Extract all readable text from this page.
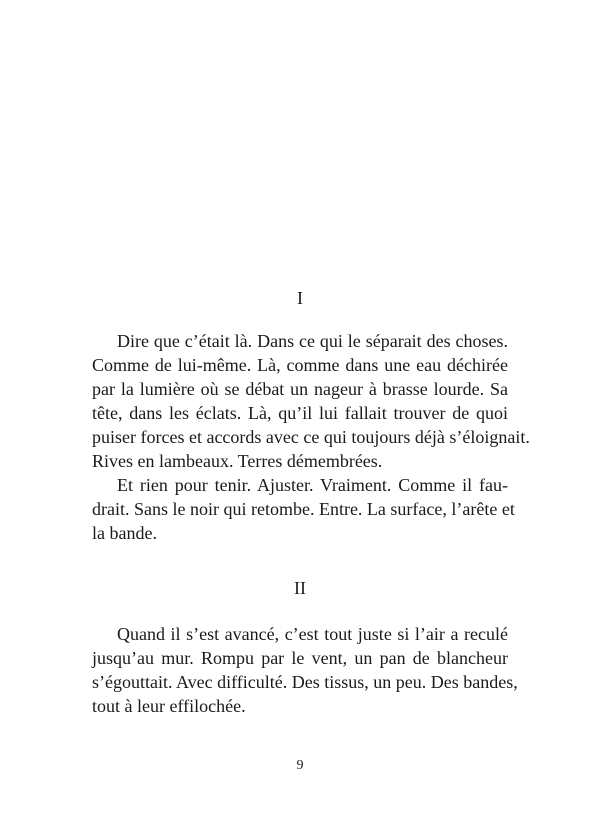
I
Dire que c’était là. Dans ce qui le séparait des choses.
Comme de lui-même. Là, comme dans une eau déchirée
par la lumière où se débat un nageur à brasse lourde. Sa
tête, dans les éclats. Là, qu’il lui fallait trouver de quoi
puiser forces et accords avec ce qui toujours déjà s’éloignait.
Rives en lambeaux. Terres démembrées.
Et rien pour tenir. Ajuster. Vraiment. Comme il fau-
drait. Sans le noir qui retombe. Entre. La surface, l’arête et
la bande.
II
Quand il s’est avancé, c’est tout juste si l’air a reculé
jusqu’au mur. Rompu par le vent, un pan de blancheur
s’égouttait. Avec difficulté. Des tissus, un peu. Des bandes,
tout à leur effilochée.
9
